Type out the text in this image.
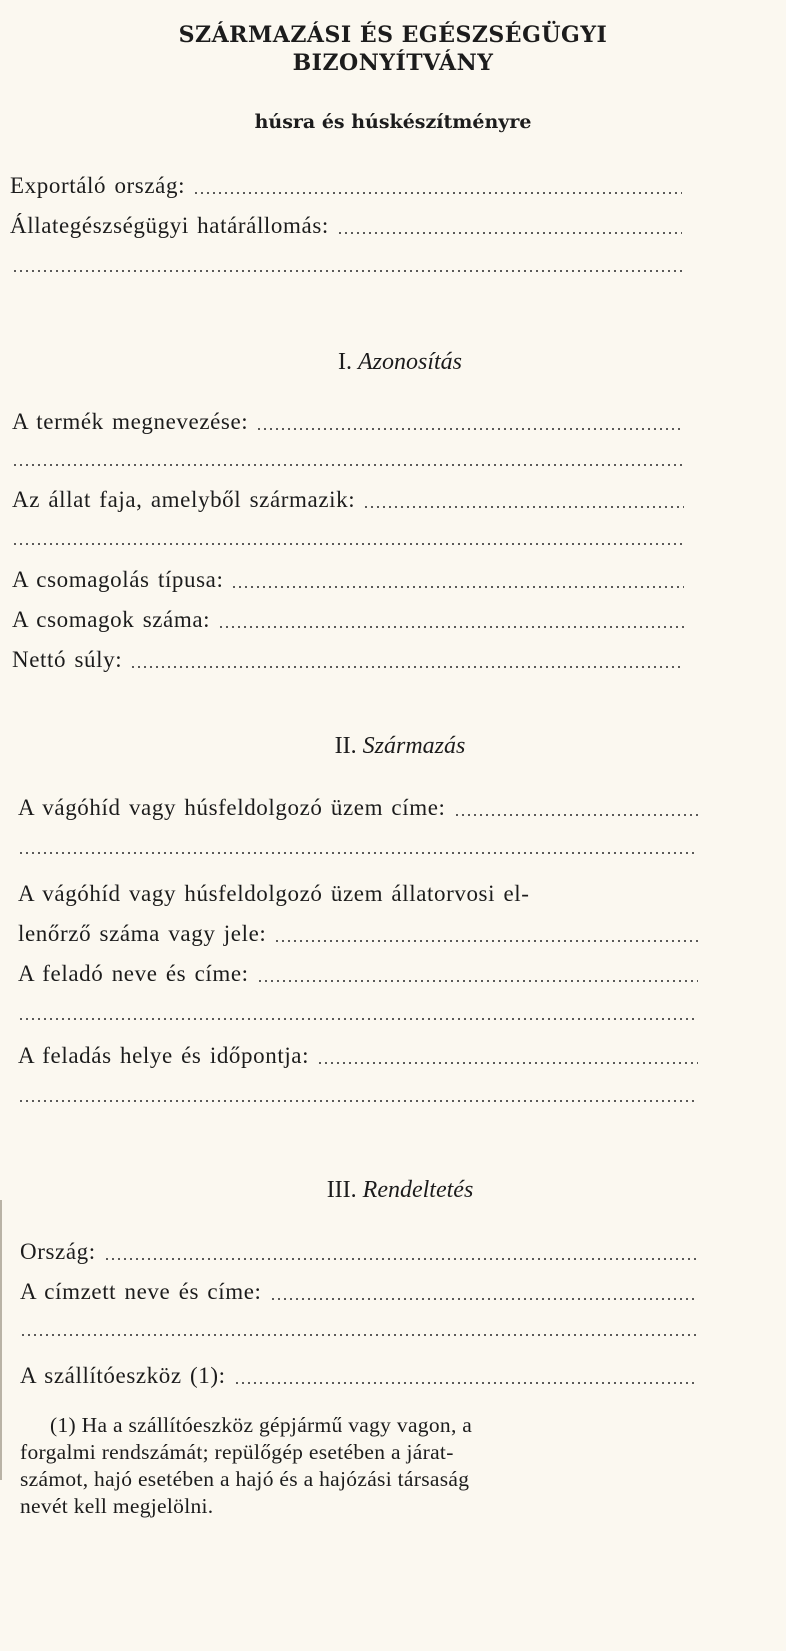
SZÁRMAZÁSI ÉS EGÉSZSÉGÜGYI
BIZONYÍTVÁNY
húsra és húskészítményre
Exportáló ország:
Állategészségügyi határállomás:
I. Azonosítás
A termék megnevezése:
Az állat faja, amelyből származik:
A csomagolás típusa:
A csomagok száma:
Nettó súly:
II. Származás
A vágóhíd vagy húsfeldolgozó üzem címe:
A vágóhíd vagy húsfeldolgozó üzem állatorvosi el-
lenőrző száma vagy jele:
A feladó neve és címe:
A feladás helye és időpontja:
III. Rendeltetés
Ország:
A címzett neve és címe:
A szállítóeszköz (1):
(1) Ha a szállítóeszköz gépjármű vagy vagon, a
forgalmi rendszámát; repülőgép esetében a járat-
számot, hajó esetében a hajó és a hajózási társaság
nevét kell megjelölni.
